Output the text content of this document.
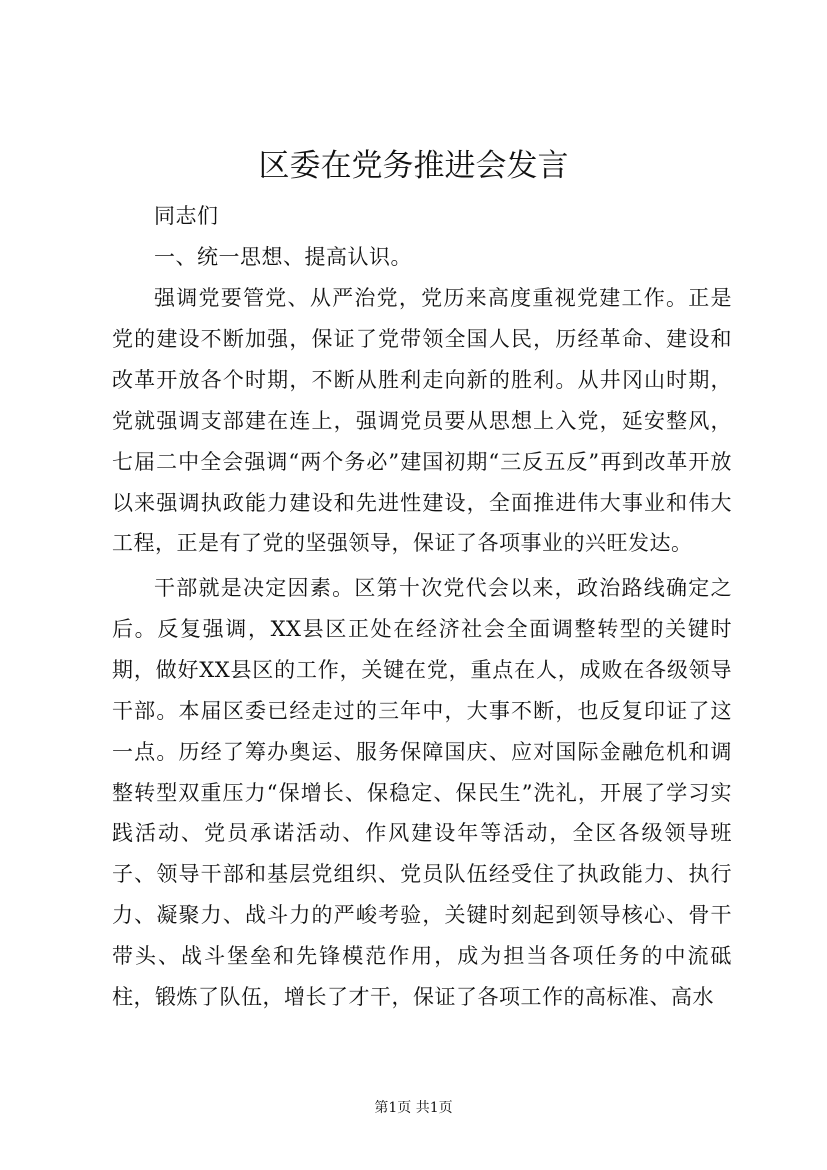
区委在党务推进会发言

同志们

一、统一思想、提高认识。

强调党要管党、从严治党，党历来高度重视党建工作。正是党的建设不断加强，保证了党带领全国人民，历经革命、建设和改革开放各个时期，不断从胜利走向新的胜利。从井冈山时期，党就强调支部建在连上，强调党员要从思想上入党，延安整风，七届二中全会强调“两个务必”建国初期“三反五反”再到改革开放以来强调执政能力建设和先进性建设，全面推进伟大事业和伟大工程，正是有了党的坚强领导，保证了各项事业的兴旺发达。

干部就是决定因素。区第十次党代会以来，政治路线确定之后。反复强调，XX县区正处在经济社会全面调整转型的关键时期，做好XX县区的工作，关键在党，重点在人，成败在各级领导干部。本届区委已经走过的三年中，大事不断，也反复印证了这一点。历经了筹办奥运、服务保障国庆、应对国际金融危机和调整转型双重压力“保增长、保稳定、保民生”洗礼，开展了学习实践活动、党员承诺活动、作风建设年等活动，全区各级领导班子、领导干部和基层党组织、党员队伍经受住了执政能力、执行力、凝聚力、战斗力的严峻考验，关键时刻起到领导核心、骨干带头、战斗堡垒和先锋模范作用，成为担当各项任务的中流砥柱，锻炼了队伍，增长了才干，保证了各项工作的高标准、高水

第1页 共1页
